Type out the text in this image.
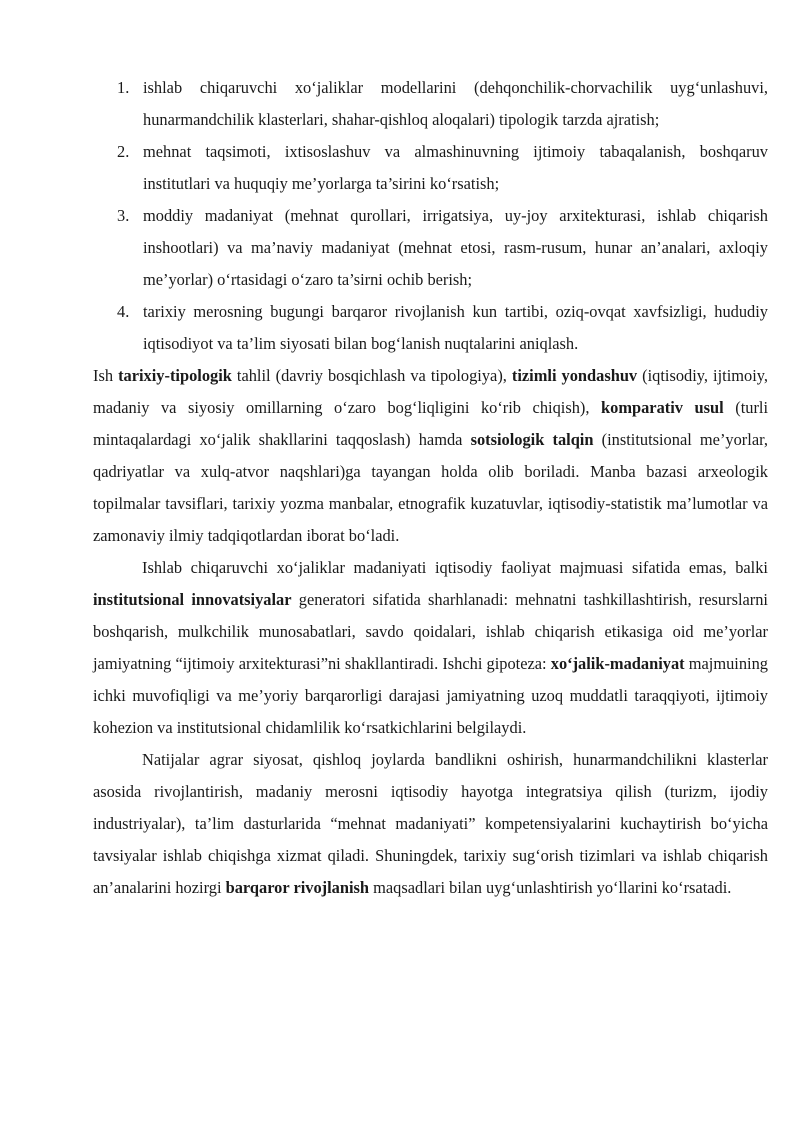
1. ishlab chiqaruvchi xo‘jaliklar modellarini (dehqonchilik-chorvachilik uyg‘unlashuvi, hunarmandchilik klasterlari, shahar-qishloq aloqalari) tipologik tarzda ajratish;
2. mehnat taqsimoti, ixtisoslashuv va almashinuvning ijtimoiy tabaqalanish, boshqaruv institutlari va huquqiy me’yorlarga ta’sirini ko‘rsatish;
3. moddiy madaniyat (mehnat qurollari, irrigatsiya, uy-joy arxitekturasi, ishlab chiqarish inshootlari) va ma’naviy madaniyat (mehnat etosi, rasm-rusum, hunar an’analari, axloqiy me’yorlar) o‘rtasidagi o‘zaro ta’sirni ochib berish;
4. tarixiy merosning bugungi barqaror rivojlanish kun tartibi, oziq-ovqat xavfsizligi, hududiy iqtisodiyot va ta’lim siyosati bilan bog‘lanish nuqtalarini aniqlash.

Ish tarixiy-tipologik tahlil (davriy bosqichlash va tipologiya), tizimli yondashuv (iqtisodiy, ijtimoiy, madaniy va siyosiy omillarning o‘zaro bog‘liqligini ko‘rib chiqish), komparativ usul (turli mintaqalardagi xo‘jalik shakllarini taqqoslash) hamda sotsiologik talqin (institutsional me’yorlar, qadriyatlar va xulq-atvor naqshlari)ga tayangan holda olib boriladi. Manba bazasi arxeologik topilmalar tavsiflari, tarixiy yozma manbalar, etnografik kuzatuvlar, iqtisodiy-statistik ma’lumotlar va zamonaviy ilmiy tadqiqotlardan iborat bo‘ladi.

Ishlab chiqaruvchi xo‘jaliklar madaniyati iqtisodiy faoliyat majmuasi sifatida emas, balki institutsional innovatsiyalar generatori sifatida sharhlanadi: mehnatni tashkillashtirish, resurslarni boshqarish, mulkchilik munosabatlari, savdo qoidalari, ishlab chiqarish etikasiga oid me’yorlar jamiyatning “ijtimoiy arxitekturasi”ni shakllantiradi. Ishchi gipoteza: xo‘jalik-madaniyat majmuining ichki muvofiqligi va me’yoriy barqarorligi darajasi jamiyatning uzoq muddatli taraqqiyoti, ijtimoiy kohezion va institutsional chidamlilik ko‘rsatkichlarini belgilaydi.

Natijalar agrar siyosat, qishloq joylarda bandlikni oshirish, hunarmandchilikni klasterlar asosida rivojlantirish, madaniy merosni iqtisodiy hayotga integratsiya qilish (turizm, ijodiy industriyalar), ta’lim dasturlarida “mehnat madaniyati” kompetensiyalarini kuchaytirish bo‘yicha tavsiyalar ishlab chiqishga xizmat qiladi. Shuningdek, tarixiy sug‘orish tizimlari va ishlab chiqarish an’analarini hozirgi barqaror rivojlanish maqsadlari bilan uyg‘unlashtirish yo‘llarini ko‘rsatadi.
